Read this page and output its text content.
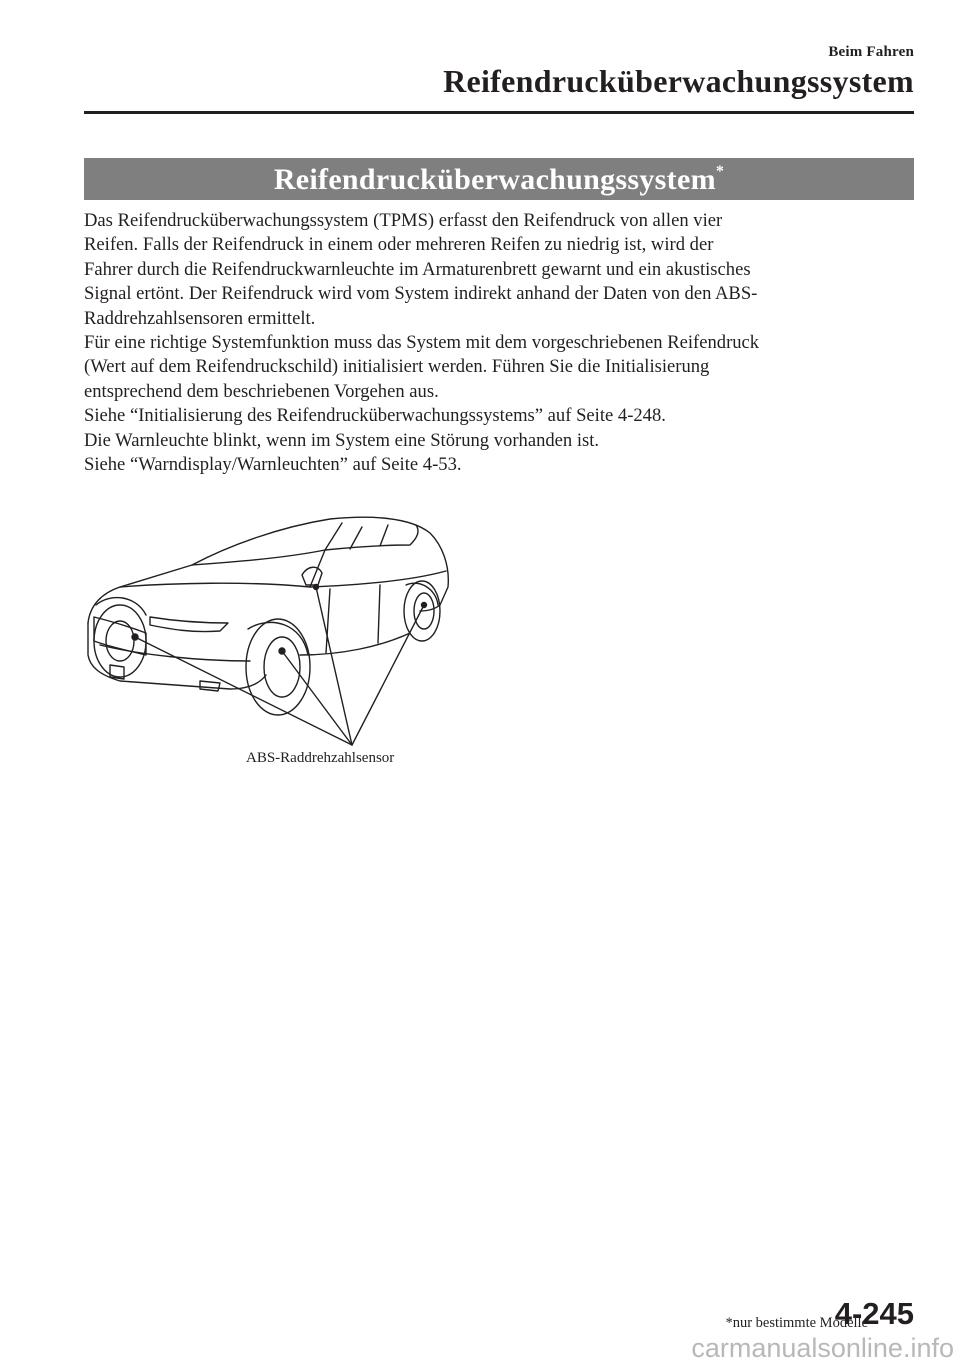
Beim Fahren
Reifendrucküberwachungssystem
Reifendrucküberwachungssystem*

Das Reifendrucküberwachungssystem (TPMS) erfasst den Reifendruck von allen vier

Reifen. Falls der Reifendruck in einem oder mehreren Reifen zu niedrig ist, wird der

Fahrer durch die Reifendruckwarnleuchte im Armaturenbrett gewarnt und ein akustisches

Signal ertönt. Der Reifendruck wird vom System indirekt anhand der Daten von den ABS-

Raddrehzahlsensoren ermittelt.

Für eine richtige Systemfunktion muss das System mit dem vorgeschriebenen Reifendruck

(Wert auf dem Reifendruckschild) initialisiert werden. Führen Sie die Initialisierung

entsprechend dem beschriebenen Vorgehen aus.

Siehe “Initialisierung des Reifendrucküberwachungssystems” auf Seite 4-248.

Die Warnleuchte blinkt, wenn im System eine Störung vorhanden ist.

Siehe “Warndisplay/Warnleuchten” auf Seite 4-53.

ABS-Raddrehzahlsensor
*nur bestimmte Modelle
4-245
carmanualsonline.info
